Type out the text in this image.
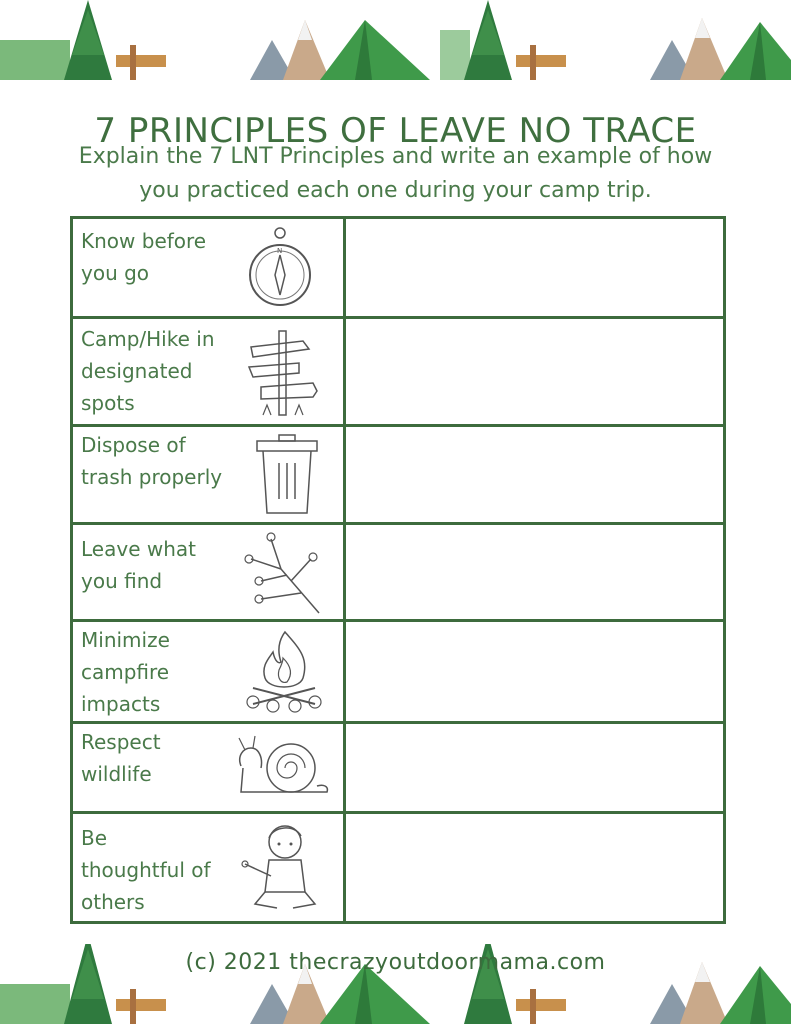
7 PRINCIPLES OF LEAVE NO TRACE
Explain the 7 LNT Principles and write an example of how
you practiced each one during your camp trip.
Know before you go
N
Camp/Hike in designated spots
Dispose of trash properly
Leave what you find
Minimize campfire impacts
Respect wildlife
Be thoughtful of others
(c) 2021 thecrazyoutdoormama.com
